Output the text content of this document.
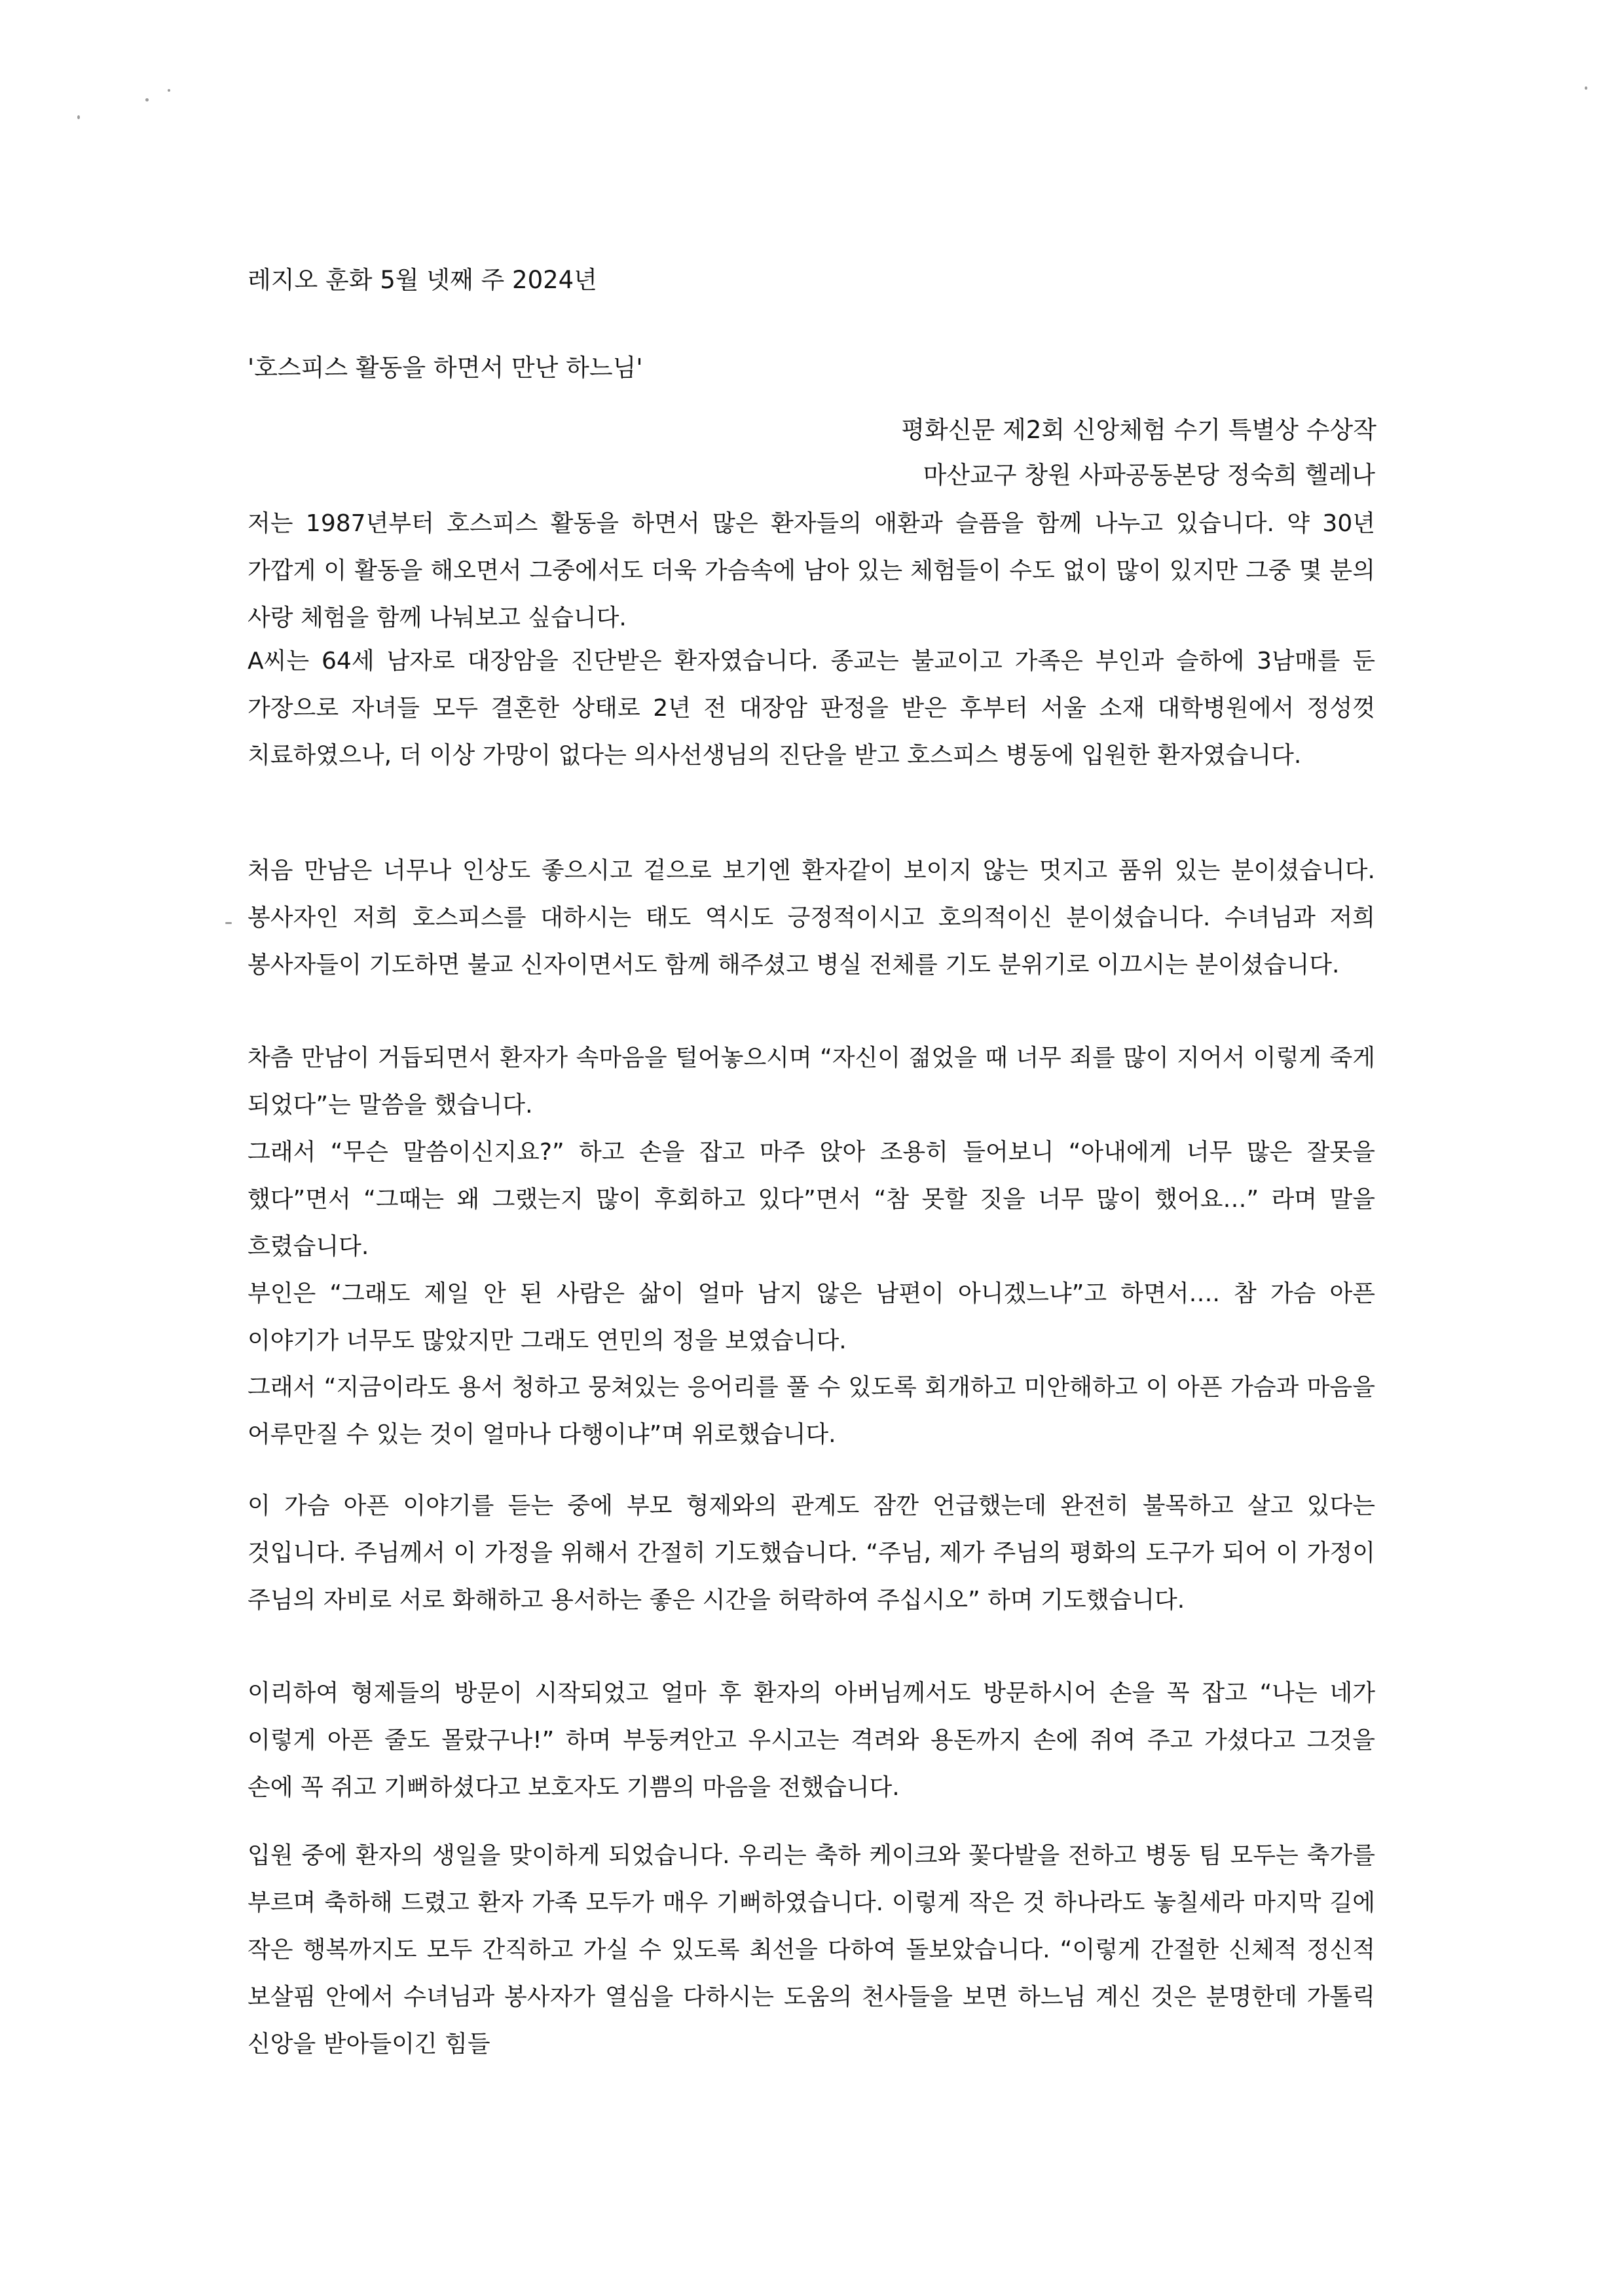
레지오 훈화 5월 넷째 주 2024년

'호스피스 활동을 하면서 만난 하느님'

평화신문 제2회 신앙체험 수기 특별상 수상작

마산교구 창원 사파공동본당 정숙희 헬레나

저는 1987년부터 호스피스 활동을 하면서 많은 환자들의 애환과 슬픔을 함께 나누고 있습니다. 약 30년 가깝게 이 활동을 해오면서 그중에서도 더욱 가슴속에 남아 있는 체험들이 수도 없이 많이 있지만 그중 몇 분의 사랑 체험을 함께 나눠보고 싶습니다.

A씨는 64세 남자로 대장암을 진단받은 환자였습니다. 종교는 불교이고 가족은 부인과 슬하에 3남매를 둔 가장으로 자녀들 모두 결혼한 상태로 2년 전 대장암 판정을 받은 후부터 서울 소재 대학병원에서 정성껏 치료하였으나, 더 이상 가망이 없다는 의사선생님의 진단을 받고 호스피스 병동에 입원한 환자였습니다.

처음 만남은 너무나 인상도 좋으시고 겉으로 보기엔 환자같이 보이지 않는 멋지고 품위 있는 분이셨습니다. 봉사자인 저희 호스피스를 대하시는 태도 역시도 긍정적이시고 호의적이신 분이셨습니다. 수녀님과 저희 봉사자들이 기도하면 불교 신자이면서도 함께 해주셨고 병실 전체를 기도 분위기로 이끄시는 분이셨습니다.

차츰 만남이 거듭되면서 환자가 속마음을 털어놓으시며 “자신이 젊었을 때 너무 죄를 많이 지어서 이렇게 죽게 되었다”는 말씀을 했습니다.

그래서 “무슨 말씀이신지요?” 하고 손을 잡고 마주 앉아 조용히 들어보니 “아내에게 너무 많은 잘못을 했다”면서 “그때는 왜 그랬는지 많이 후회하고 있다”면서 “참 못할 짓을 너무 많이 했어요…” 라며 말을 흐렸습니다.

부인은 “그래도 제일 안 된 사람은 삶이 얼마 남지 않은 남편이 아니겠느냐”고 하면서…. 참 가슴 아픈 이야기가 너무도 많았지만 그래도 연민의 정을 보였습니다.

그래서 “지금이라도 용서 청하고 뭉쳐있는 응어리를 풀 수 있도록 회개하고 미안해하고 이 아픈 가슴과 마음을 어루만질 수 있는 것이 얼마나 다행이냐”며 위로했습니다.

이 가슴 아픈 이야기를 듣는 중에 부모 형제와의 관계도 잠깐 언급했는데 완전히 불목하고 살고 있다는 것입니다. 주님께서 이 가정을 위해서 간절히 기도했습니다. “주님, 제가 주님의 평화의 도구가 되어 이 가정이 주님의 자비로 서로 화해하고 용서하는 좋은 시간을 허락하여 주십시오” 하며 기도했습니다.

이리하여 형제들의 방문이 시작되었고 얼마 후 환자의 아버님께서도 방문하시어 손을 꼭 잡고 “나는 네가 이렇게 아픈 줄도 몰랐구나!” 하며 부둥켜안고 우시고는 격려와 용돈까지 손에 쥐여 주고 가셨다고 그것을 손에 꼭 쥐고 기뻐하셨다고 보호자도 기쁨의 마음을 전했습니다.

입원 중에 환자의 생일을 맞이하게 되었습니다. 우리는 축하 케이크와 꽃다발을 전하고 병동 팀 모두는 축가를 부르며 축하해 드렸고 환자 가족 모두가 매우 기뻐하였습니다. 이렇게 작은 것 하나라도 놓칠세라 마지막 길에 작은 행복까지도 모두 간직하고 가실 수 있도록 최선을 다하여 돌보았습니다. “이렇게 간절한 신체적 정신적 보살핌 안에서 수녀님과 봉사자가 열심을 다하시는 도움의 천사들을 보면 하느님 계신 것은 분명한데 가톨릭 신앙을 받아들이긴 힘들
